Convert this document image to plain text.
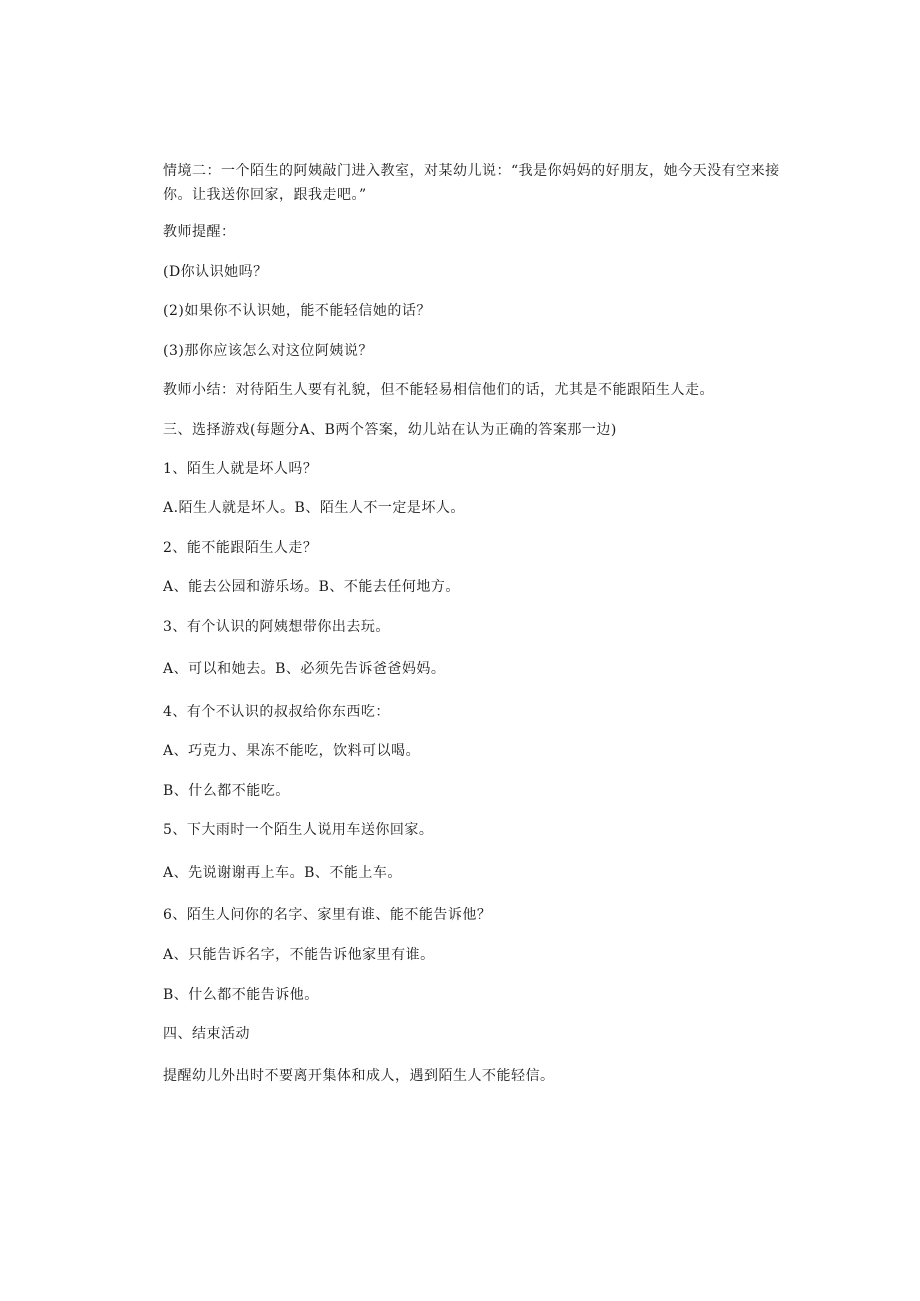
情境二：一个陌生的阿姨敲门进入教室，对某幼儿说：“我是你妈妈的好朋友，她今天没有空来接你。让我送你回家，跟我走吧。”

教师提醒：

(D你认识她吗？

(2)如果你不认识她，能不能轻信她的话？

(3)那你应该怎么对这位阿姨说？

教师小结：对待陌生人要有礼貌，但不能轻易相信他们的话，尤其是不能跟陌生人走。

三、选择游戏(每题分A、B两个答案，幼儿站在认为正确的答案那一边)

1、陌生人就是坏人吗？

A.陌生人就是坏人。B、陌生人不一定是坏人。

2、能不能跟陌生人走？

A、能去公园和游乐场。B、不能去任何地方。

3、有个认识的阿姨想带你出去玩。

A、可以和她去。B、必须先告诉爸爸妈妈。

4、有个不认识的叔叔给你东西吃：

A、巧克力、果冻不能吃，饮料可以喝。

B、什么都不能吃。

5、下大雨时一个陌生人说用车送你回家。

A、先说谢谢再上车。B、不能上车。

6、陌生人问你的名字、家里有谁、能不能告诉他？

A、只能告诉名字，不能告诉他家里有谁。

B、什么都不能告诉他。

四、结束活动

提醒幼儿外出时不要离开集体和成人，遇到陌生人不能轻信。
